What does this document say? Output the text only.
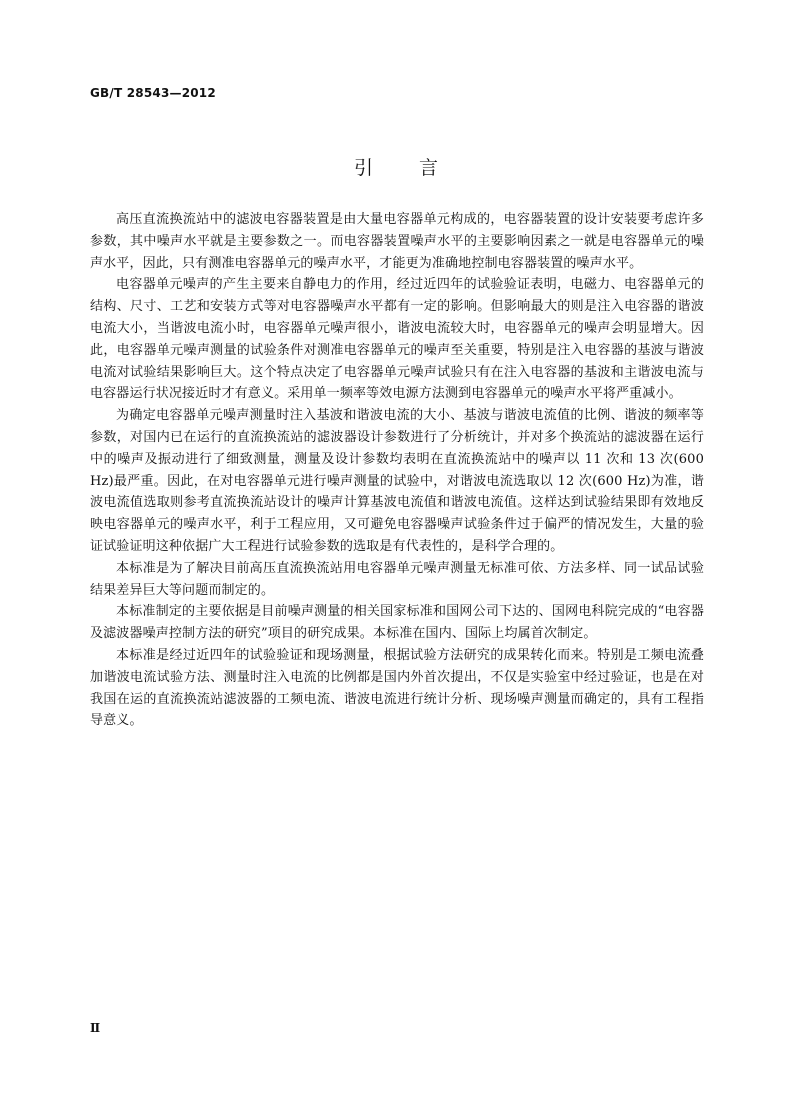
GB/T 28543—2012
引 言

高压直流换流站中的滤波电容器装置是由大量电容器单元构成的，电容器装置的设计安装要考虑许多参数，其中噪声水平就是主要参数之一。而电容器装置噪声水平的主要影响因素之一就是电容器单元的噪声水平，因此，只有测准电容器单元的噪声水平，才能更为准确地控制电容器装置的噪声水平。

电容器单元噪声的产生主要来自静电力的作用，经过近四年的试验验证表明，电磁力、电容器单元的结构、尺寸、工艺和安装方式等对电容器噪声水平都有一定的影响。但影响最大的则是注入电容器的谐波电流大小，当谐波电流小时，电容器单元噪声很小，谐波电流较大时，电容器单元的噪声会明显增大。因此，电容器单元噪声测量的试验条件对测准电容器单元的噪声至关重要，特别是注入电容器的基波与谐波电流对试验结果影响巨大。这个特点决定了电容器单元噪声试验只有在注入电容器的基波和主谐波电流与电容器运行状况接近时才有意义。采用单一频率等效电源方法测到电容器单元的噪声水平将严重减小。

为确定电容器单元噪声测量时注入基波和谐波电流的大小、基波与谐波电流值的比例、谐波的频率等参数，对国内已在运行的直流换流站的滤波器设计参数进行了分析统计，并对多个换流站的滤波器在运行中的噪声及振动进行了细致测量，测量及设计参数均表明在直流换流站中的噪声以 11 次和 13 次(600 Hz)最严重。因此，在对电容器单元进行噪声测量的试验中，对谐波电流选取以 12 次(600 Hz)为准，谐波电流值选取则参考直流换流站设计的噪声计算基波电流值和谐波电流值。这样达到试验结果即有效地反映电容器单元的噪声水平，利于工程应用，又可避免电容器噪声试验条件过于偏严的情况发生，大量的验证试验证明这种依据广大工程进行试验参数的选取是有代表性的，是科学合理的。

本标准是为了解决目前高压直流换流站用电容器单元噪声测量无标准可依、方法多样、同一试品试验结果差异巨大等问题而制定的。

本标准制定的主要依据是目前噪声测量的相关国家标准和国网公司下达的、国网电科院完成的“电容器及滤波器噪声控制方法的研究”项目的研究成果。本标准在国内、国际上均属首次制定。

本标准是经过近四年的试验验证和现场测量，根据试验方法研究的成果转化而来。特别是工频电流叠加谐波电流试验方法、测量时注入电流的比例都是国内外首次提出，不仅是实验室中经过验证，也是在对我国在运的直流换流站滤波器的工频电流、谐波电流进行统计分析、现场噪声测量而确定的，具有工程指导意义。

Ⅱ
